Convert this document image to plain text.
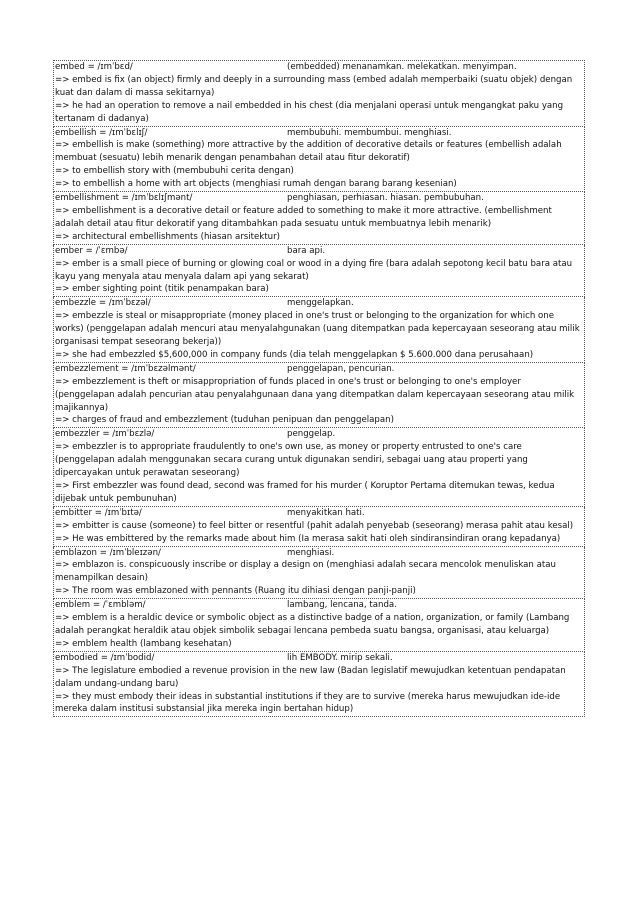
embed = /ɪmˈbɛd/	(embedded) menanamkan. melekatkan. menyimpan.
=> embed is fix (an object) firmly and deeply in a surrounding mass (embed adalah memperbaiki (suatu objek) dengan kuat dan dalam di massa sekitarnya)
=> he had an operation to remove a nail embedded in his chest (dia menjalani operasi untuk mengangkat paku yang tertanam di dadanya)
embellish = /ɪmˈbɛlɪʃ/	membubuhi. membumbui. menghiasi.
=> embellish is make (something) more attractive by the addition of decorative details or features (embellish adalah membuat (sesuatu) lebih menarik dengan penambahan detail atau fitur dekoratif)
=> to embellish story with (membubuhi cerita dengan)
=> to embellish a home with art objects (menghiasi rumah dengan barang barang kesenian)
embellishment = /ɪmˈbɛlɪʃmənt/	penghiasan, perhiasan. hiasan. pembubuhan.
=> embellishment is a decorative detail or feature added to something to make it more attractive. (embellishment adalah detail atau fitur dekoratif yang ditambahkan pada sesuatu untuk membuatnya lebih menarik)
=> architectural embellishments (hiasan arsitektur)
ember = /ˈɛmbə/	bara api.
=> ember is a small piece of burning or glowing coal or wood in a dying fire (bara adalah sepotong kecil batu bara atau kayu yang menyala atau menyala dalam api yang sekarat)
=> ember sighting point (titik penampakan bara)
embezzle = /ɪmˈbɛzəl/	menggelapkan.
=> embezzle is steal or misappropriate (money placed in one's trust or belonging to the organization for which one works) (penggelapan adalah mencuri atau menyalahgunakan (uang ditempatkan pada kepercayaan seseorang atau milik organisasi tempat seseorang bekerja))
=> she had embezzled $5,600,000 in company funds (dia telah menggelapkan $ 5.600.000 dana perusahaan)
embezzlement = /ɪmˈbɛzəlmənt/	penggelapan, pencurian.
=> embezzlement is theft or misappropriation of funds placed in one's trust or belonging to one's employer (penggelapan adalah pencurian atau penyalahgunaan dana yang ditempatkan dalam kepercayaan seseorang atau milik majikannya)
=> charges of fraud and embezzlement (tuduhan penipuan dan penggelapan)
embezzler = /ɪmˈbɛzlə/	penggelap.
=> embezzler is to appropriate fraudulently to one's own use, as money or property entrusted to one's care (penggelapan adalah menggunakan secara curang untuk digunakan sendiri, sebagai uang atau properti yang dipercayakan untuk perawatan seseorang)
=> First embezzler was found dead, second was framed for his murder ( Koruptor Pertama ditemukan tewas, kedua dijebak untuk pembunuhan)
embitter = /ɪmˈbɪtə/	menyakitkan hati.
=> embitter is cause (someone) to feel bitter or resentful (pahit adalah penyebab (seseorang) merasa pahit atau kesal)
=> He was embittered by the remarks made about him (Ia merasa sakit hati oleh sindiransindiran orang kepadanya)
emblazon = /ɪmˈbleɪzən/	menghiasi.
=> emblazon is. conspicuously inscribe or display a design on (menghiasi adalah secara mencolok menuliskan atau menampilkan desain)
=> The room was emblazoned with pennants (Ruang itu dihiasi dengan panji-panji)
emblem = /ˈɛmbləm/	lambang, lencana, tanda.
=> emblem is a heraldic device or symbolic object as a distinctive badge of a nation, organization, or family (Lambang adalah perangkat heraldik atau objek simbolik sebagai lencana pembeda suatu bangsa, organisasi, atau keluarga)
=> emblem health (lambang kesehatan)
embodied = /ɪmˈbodid/	lih EMBODY. mirip sekali.
=> The legislature embodied a revenue provision in the new law (Badan legislatif mewujudkan ketentuan pendapatan dalam undang-undang baru)
=> they must embody their ideas in substantial institutions if they are to survive (mereka harus mewujudkan ide-ide mereka dalam institusi substansial jika mereka ingin bertahan hidup)
